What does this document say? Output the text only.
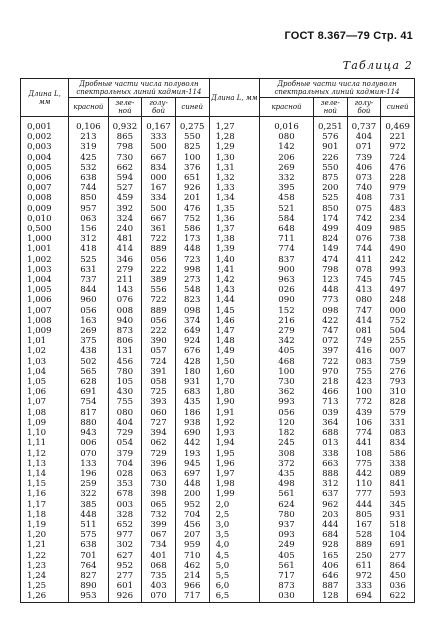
ГОСТ 8.367—79 Стр. 41
Таблица 2
Длина L, мм	Дробные части числа полуволн спектральных линий кадмия-114				Длина L, мм	Дробные части числа полуволн спектральных линий кадмия-114			
	красной	зеле-ной	голу-бой	синей		красной	зеле-ной	голу-бой	синей
0,001	0,106	0,932	0,167	0,275	1,27	0,016	0,251	0,737	0,469
0,002	213	865	333	550	1,28	080	576	404	221
0,003	319	798	500	825	1,29	142	901	071	972
0,004	425	730	667	100	1,30	206	226	739	724
0,005	532	662	834	376	1,31	269	550	406	476
0,006	638	594	000	651	1,32	332	875	073	228
0,007	744	527	167	926	1,33	395	200	740	979
0,008	850	459	334	201	1,34	458	525	408	731
0,009	957	392	500	476	1,35	521	850	075	483
0,010	063	324	667	752	1,36	584	174	742	234
0,500	156	240	361	586	1,37	648	499	409	985
1,000	312	481	722	173	1,38	711	824	076	738
1,001	418	414	889	448	1,39	774	149	744	490
1,002	525	346	056	723	1,40	837	474	411	242
1,003	631	279	222	998	1,41	900	798	078	993
1,004	737	211	389	273	1,42	963	123	745	745
1,005	844	143	556	548	1,43	026	448	413	497
1,006	960	076	722	823	1,44	090	773	080	248
1,007	056	008	889	098	1,45	152	098	747	000
1,008	163	940	056	374	1,46	216	422	414	752
1,009	269	873	222	649	1,47	279	747	081	504
1,01	375	806	390	924	1,48	342	072	749	255
1,02	438	131	057	676	1,49	405	397	416	007
1,03	502	456	724	428	1,50	468	722	083	759
1,04	565	780	391	180	1,60	100	970	755	276
1,05	628	105	058	931	1,70	730	218	423	793
1,06	691	430	725	683	1,80	362	466	100	310
1,07	754	755	393	435	1,90	993	713	772	828
1,08	817	080	060	186	1,91	056	039	439	579
1,09	880	404	727	938	1,92	120	364	106	331
1,10	943	729	394	690	1,93	182	688	774	083
1,11	006	054	062	442	1,94	245	013	441	834
1,12	070	379	729	193	1,95	308	338	108	586
1,13	133	704	396	945	1,96	372	663	775	338
1,14	196	028	063	697	1,97	435	888	442	089
1,15	259	353	730	448	1,98	498	312	110	841
1,16	322	678	398	200	1,99	561	637	777	593
1,17	385	003	065	952	2,0	624	962	444	345
1,18	448	328	732	704	2,5	780	203	805	931
1,19	511	652	399	456	3,0	937	444	167	518
1,20	575	977	067	207	3,5	093	684	528	104
1,21	638	302	734	959	4,0	249	928	889	691
1,22	701	627	401	710	4,5	405	165	250	277
1,23	764	952	068	462	5,0	561	406	611	864
1,24	827	277	735	214	5,5	717	646	972	450
1,25	890	601	403	966	6,0	873	887	333	036
1,26	953	926	070	717	6,5	030	128	694	622
